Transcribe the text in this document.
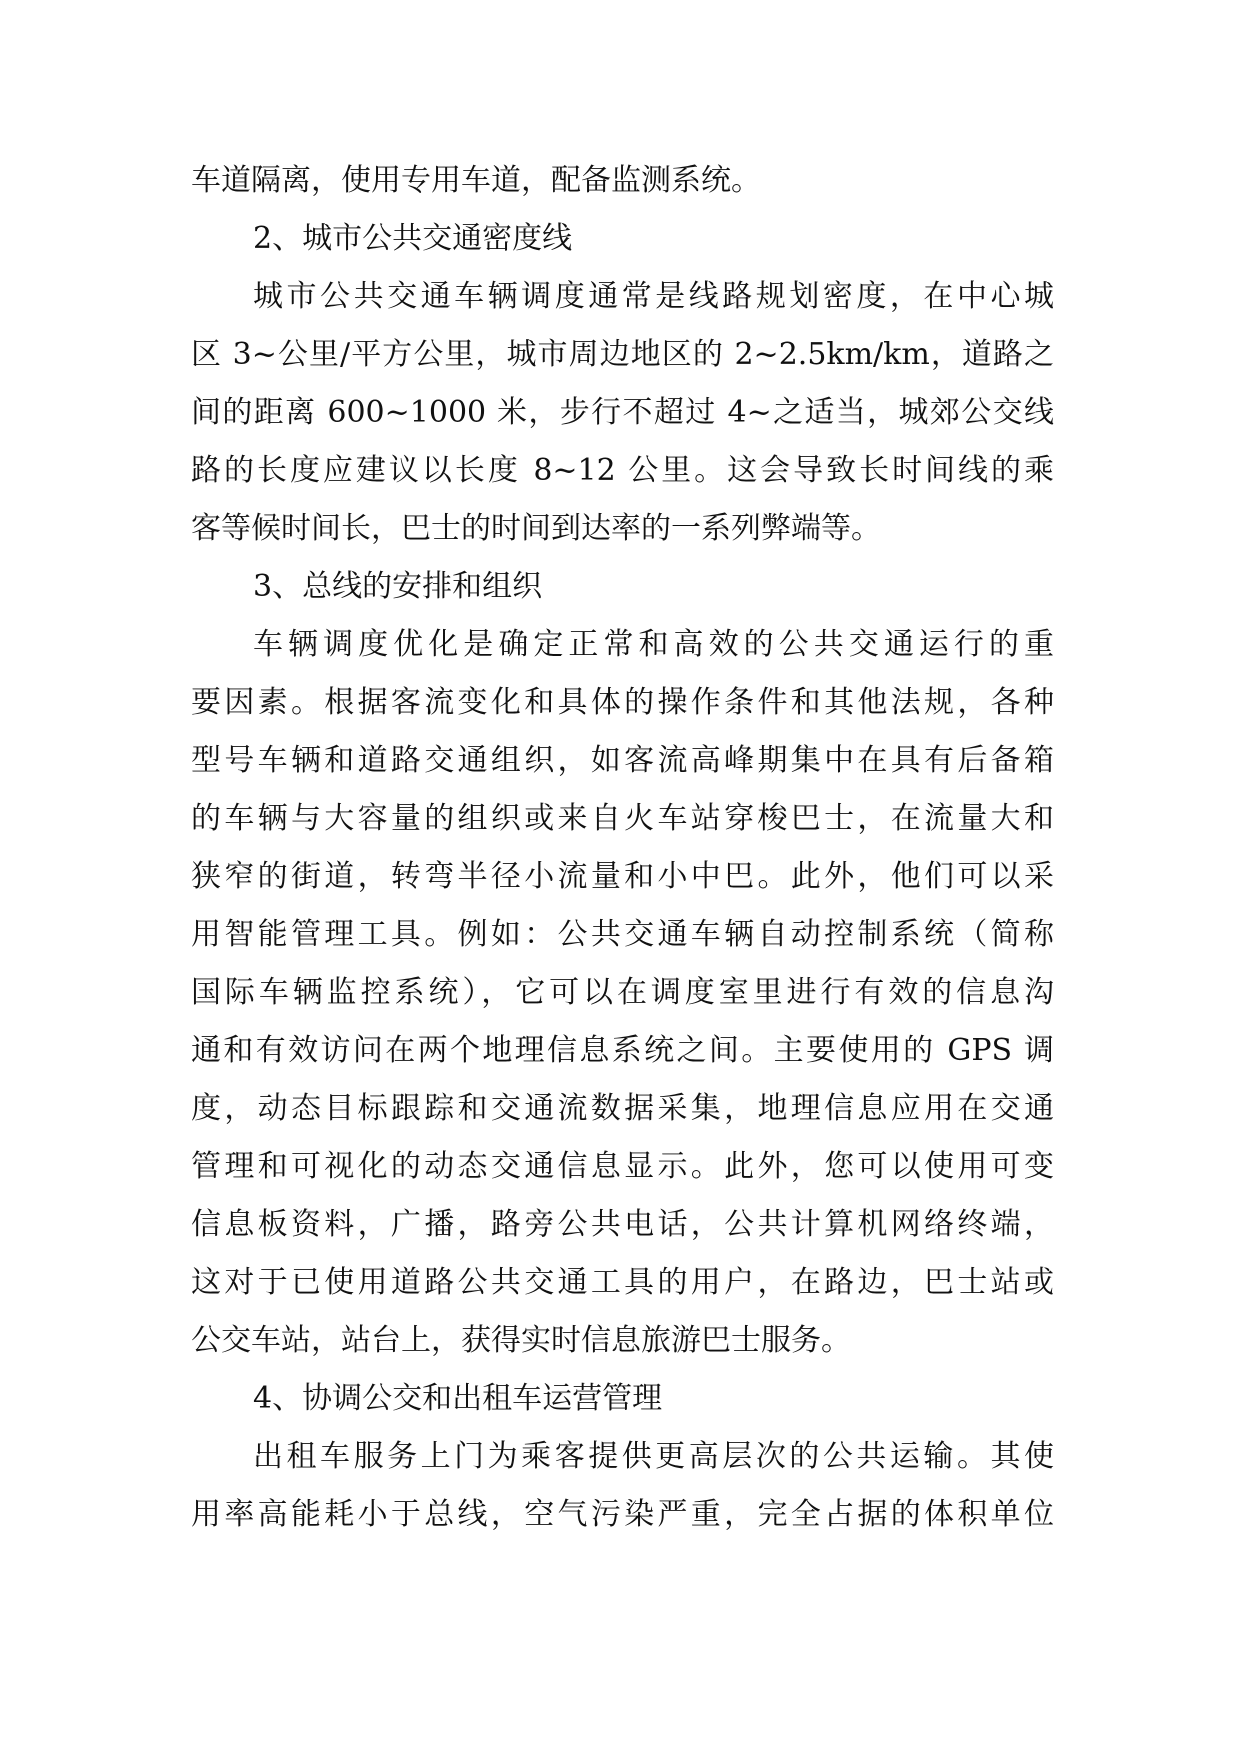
车道隔离，使用专用车道，配备监测系统。
2、城市公共交通密度线
城市公共交通车辆调度通常是线路规划密度，在中心城
区 3~公里/平方公里，城市周边地区的 2~2.5km/km，道路之
间的距离 600~1000 米，步行不超过 4~之适当，城郊公交线
路的长度应建议以长度 8~12 公里。这会导致长时间线的乘
客等候时间长，巴士的时间到达率的一系列弊端等。
3、总线的安排和组织
车辆调度优化是确定正常和高效的公共交通运行的重
要因素。根据客流变化和具体的操作条件和其他法规，各种
型号车辆和道路交通组织，如客流高峰期集中在具有后备箱
的车辆与大容量的组织或来自火车站穿梭巴士，在流量大和
狭窄的街道，转弯半径小流量和小中巴。此外，他们可以采
用智能管理工具。例如：公共交通车辆自动控制系统（简称
国际车辆监控系统），它可以在调度室里进行有效的信息沟
通和有效访问在两个地理信息系统之间。主要使用的 GPS 调
度，动态目标跟踪和交通流数据采集，地理信息应用在交通
管理和可视化的动态交通信息显示。此外，您可以使用可变
信息板资料，广播，路旁公共电话，公共计算机网络终端，
这对于已使用道路公共交通工具的用户，在路边，巴士站或
公交车站，站台上，获得实时信息旅游巴士服务。
4、协调公交和出租车运营管理
出租车服务上门为乘客提供更高层次的公共运输。其使
用率高能耗小于总线，空气污染严重，完全占据的体积单位
